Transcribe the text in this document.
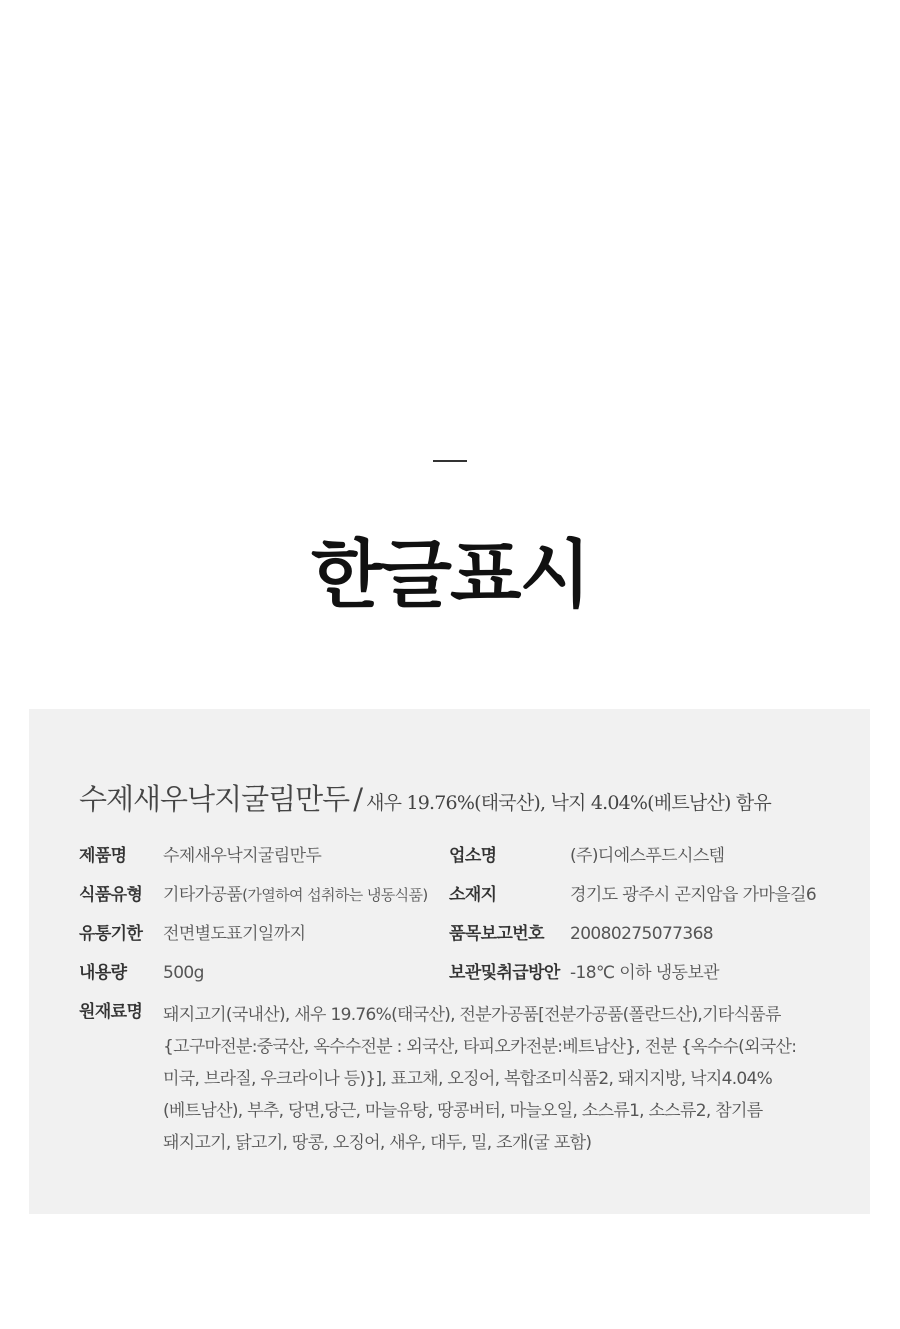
한글표시
수제새우낙지굴림만두 / 새우 19.76%(태국산), 낙지 4.04%(베트남산) 함유
제품명 수제새우낙지굴림만두
식품유형 기타가공품(가열하여 섭취하는 냉동식품)
유통기한 전면별도표기일까지
내용량 500g
업소명	(주)디에스푸드시스템
소재지	경기도 광주시 곤지암읍 가마을길6
품목보고번호 20080275077368
보관및취급방안 -18℃ 이하 냉동보관
원재료명 돼지고기(국내산), 새우 19.76%(태국산), 전분가공품[전분가공품(폴란드산),기타식품류
{고구마전분:중국산, 옥수수전분 : 외국산, 타피오카전분:베트남산}, 전분 {옥수수(외국산:
미국, 브라질, 우크라이나 등)}], 표고채, 오징어, 복합조미식품2, 돼지지방, 낙지4.04%
(베트남산), 부추, 당면,당근, 마늘유탕, 땅콩버터, 마늘오일, 소스류1, 소스류2, 참기름
돼지고기, 닭고기, 땅콩, 오징어, 새우, 대두, 밀, 조개(굴 포함)
